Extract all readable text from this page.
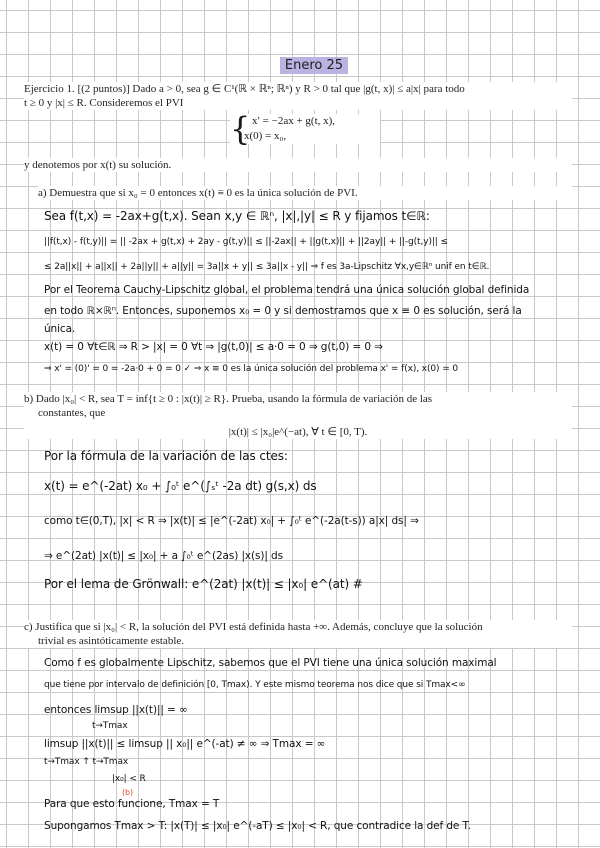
Enero 25

Ejercicio 1. [(2 puntos)] Dado a > 0, sea g ∈ C¹(ℝ × ℝⁿ; ℝⁿ) y R > 0 tal que |g(t, x)| ≤ a|x| para todo

t ≥ 0 y |x| ≤ R. Consideremos el PVI

{ x′ = −2ax + g(t, x),

x(0) = x₀,

y denotemos por x(t) su solución.

a) Demuestra que si x₀ = 0 entonces x(t) ≡ 0 es la única solución de PVI.

Sea f(t,x) = -2ax+g(t,x). Sean x,y ∈ ℝⁿ, |x|,|y| ≤ R y fijamos t∈ℝ:
||f(t,x) - f(t,y)|| = || -2ax + g(t,x) + 2ay - g(t,y)|| ≤ ||-2ax|| + ||g(t,x)|| + ||2ay|| + ||-g(t,y)|| ≤
≤ 2a||x|| + a||x|| + 2a||y|| + a||y|| = 3a||x + y|| ≤ 3a||x - y|| ⇒ f es 3a-Lipschitz ∀x,y∈ℝⁿ unif en t∈ℝ.
Por el Teorema Cauchy-Lipschitz global, el problema tendrá una única solución global definida
en todo ℝ×ℝⁿ. Entonces, suponemos x₀ = 0 y si demostramos que x ≡ 0 es solución, será la
única.
x(t) = 0 ∀t∈ℝ ⇒ R > |x| = 0 ∀t ⇒ |g(t,0)| ≤ a·0 = 0 ⇒ g(t,0) = 0 ⇒
⇒ x' = (0)' = 0 = -2a·0 + 0 = 0 ✓ ⇒ x ≡ 0 es la única solución del problema x' = f(x), x(0) = 0

b) Dado |x₀| < R, sea T = ínf{t ≥ 0 : |x(t)| ≥ R}. Prueba, usando la fórmula de variación de las

constantes, que

|x(t)| ≤ |x₀|e^(−at), ∀ t ∈ [0, T).

Por la fórmula de la variación de las ctes:
x(t) = e^(-2at) x₀ + ∫₀ᵗ e^(∫ₛᵗ -2a dt) g(s,x) ds
como t∈(0,T), |x| < R ⇒ |x(t)| ≤ |e^(-2at) x₀| + ∫₀ᵗ e^(-2a(t-s)) a|x| ds| ⇒
⇒ e^(2at) |x(t)| ≤ |x₀| + a ∫₀ᵗ e^(2as) |x(s)| ds
Por el lema de Grönwall: e^(2at) |x(t)| ≤ |x₀| e^(at) #

c) Justifica que si |x₀| < R, la solución del PVI está definida hasta +∞. Además, concluye que la solución

trivial es asintóticamente estable.

Como f es globalmente Lipschitz, sabemos que el PVI tiene una única solución maximal
que tiene por intervalo de definición [0, Tmax). Y este mismo teorema nos dice que si Tmax<∞
entonces limsup ||x(t)|| = ∞
t→Tmax
limsup ||x(t)|| ≤ limsup || x₀|| e^(-at) ≠ ∞ ⇒ Tmax = ∞
t→Tmax ↑ t→Tmax
|x₀| < R
(b)
Para que esto funcione, Tmax = T
Supongamos Tmax > T: |x(T)| ≤ |x₀| e^(-aT) ≤ |x₀| < R, que contradice la def de T.
